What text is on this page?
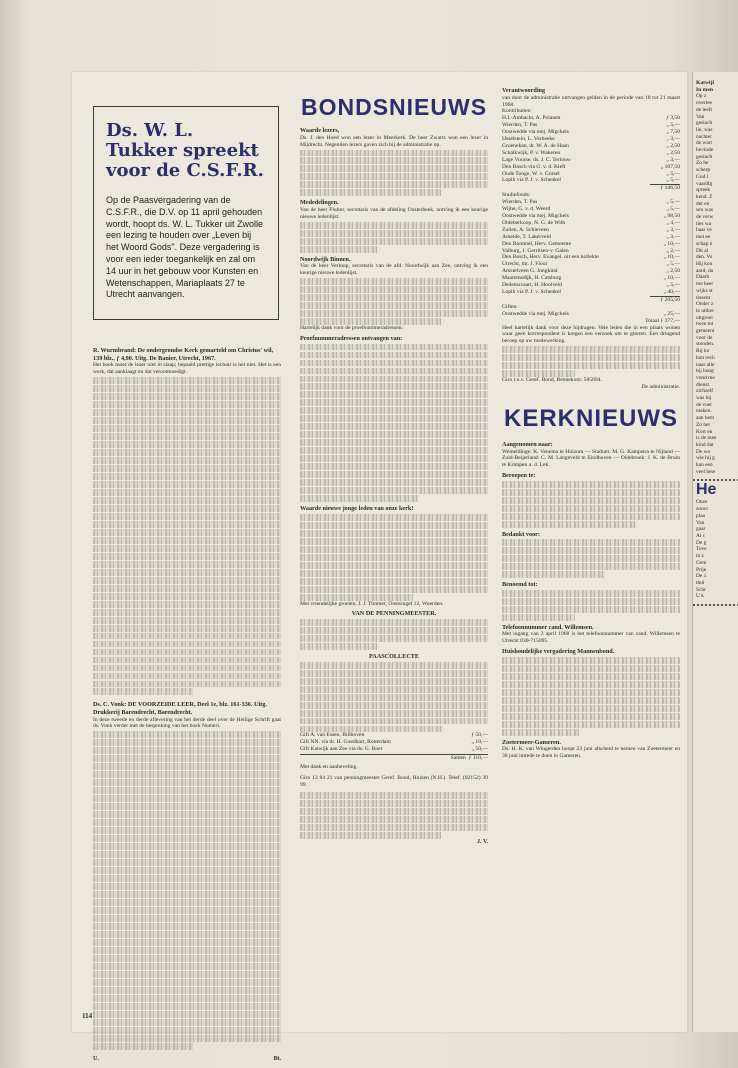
Ds. W. L. Tukker spreekt voor de C.S.F.R.
Op de Paasvergadering van de C.S.F.R., die D.V. op 11 april gehouden wordt, hoopt ds. W. L. Tukker uit Zwolle een lezing te houden over „Leven bij het Woord Gods". Deze vergadering is voor een ieder toegankelijk en zal om 14 uur in het gebouw voor Kunsten en Wetenschappen, Mariaplaats 27 te Utrecht aanvangen.

R. Wurmbrand: De ondergrondse Kerk gemarteld om Christus' wil, 139 blz., ƒ 4,90. Uitg. De Banier, Utrecht, 1967.

Het boek moet de lezer niet in slaap; bepaald prettige lectuur is het niet. Het is een werk, dat aanklaagt en dat verootmoedigt.

Ds. C. Vonk: DE VOORZEIDE LEER, Deel 1e, blz. 161-336. Uitg. Drukkerij Barendrecht, Barendrecht.

In deze tweede en derde aflevering van het derde deel over de Heilige Schrift gaat ds. Vonk verder met de bespreking van het boek Numeri.

U.	Bt.
114
BONDSNIEUWS

Waarde lezers,

Ds. J. den Hoed won een lezer in Meerkerk. De heer Zwarts won een lezer in Mijdrecht. Negentien lezers gaven zich bij de administratie op.

Mededelingen.

Van de heer Fluiter, secretaris van de afdeling Oosterbeek, ontving ik een keurige nieuwe ledenlijst.

Noordwijk Binnen.

Van de heer Verloop, secretaris van de afd. Noordwijk aan Zee, ontving ik een keurige nieuwe ledenlijst.

Hartelijk dank voor de proefnummeradressen.

Proefnummeradressen ontvangen van:

Waarde nieuwe jonge leden van onze kerk!

Met vriendelijke groeten, J. J. Timmer, Oostsingel 12, Woerden.

VAN DE PENNINGMEESTER.

PAASCOLLECTE

Gift A. van Essen, Billhoven	ƒ 50,—
Gift NN. via dr. H. Goedhart, Rotterdam	„ 10,—
Gift Katwijk aan Zee via ds. G. Boer	„ 50,—
Samen ƒ 110,—

Met dank en aanbeveling.

Giro 13 84 21 van penningmeester Geref. Bond, Huizen (N.H.). Telef. (02152) 39 99.

J. V.

Verantwoording

van door de administratie ontvangen gelden in de periode van 18 tot 21 maart 1968.

Kontributies:

H.I.-Ambacht, A. Polanen	ƒ 3,50
Wierden, T. Pas	„ 5,—
Oostwedde via mej. Migchels	„ 7,50
IJsselstein, L. Verbeeke	„ 3,—
Groenekan, dr. W. A. de Haan	„ 2,50
Schalkwijk, P. v. Wakeren	„ 2,50
Lage Vuurse, ds. J. C. Terlouw	„ 3,—
Den Bosch via G. v. d. Kieft	„ 107,50
Oude Tonge, W. v. Gorsel	„ 5,—
Lopik via P. J. v. Schenkel	„ 5,—
ƒ 146,50

Studiefonds:

Wierden, T. Pas	„ 5,—
Wijhe, G. v. d. Weerd	„ 5,—
Oostwedde via mej. Migchels	„ 98,50
Oldeberkoop, N. G. de With	„ 4,—
Zuilen, A. Schieveen	„ 3,—
Ameide, T. Lakerveld	„ 3,—
Den Bommel, Herv. Gemeente	„ 10,—
Valburg, J. Gerritsen-v. Galen	„ 2,—
Den Bosch, Herv. Evangel. uit een kollekte	„ 10,—
Utrecht, mr. J. Floor	„ 5,—
Amstelveen G. Jongkind	„ 2,50
Maartensdijk, H. Catsburg	„ 10,—
Dedemsvaart, H. Hoolveld	„ 5,—
Lopik via P. J. v. Schenkel	„ 40,—
ƒ 205,50

Giften:

Oostwedde via mej. Migchels	„ 25,—
Totaal ƒ 377,—

Heel hartelijk dank voor deze bijdragen. Vele leden die in een plaats wonen waar geen korrespondent is kregen een verzoek om te gireren. Een dringend beroep op uw medewerking.

Giro t.n.v. Geref. Bond, Bennekom: 505894.

De administratie.

KERKNIEUWS

Aangenomen naar:

Wemeldinge: K. Venema te Huizum — Stadum: M. G. Kampstra te Nijland — Zuid-Beijerland: C. M. Langeveld te Eindhoven — Oldebroek: J. K. de Bruin te Krimpen a. d. Lek.

Beroepen te:

Bedankt voor:

Benoemd tot:

Telefoonnummer cand. Willemsen.

Met ingang van 2 april 1968 is het telefoonnummer van cand. Willemsen te Utrecht 030-715095.

Huishoudelijke vergadering Mannenbond.

Zoetermeer-Gameren.

Ds. H. K. van Wingerden hoopt 23 juni afscheid te nemen van Zoetermeer en 30 juni intrede te doen in Gameren.

Katwijl
In men
Op z
overlee
de leeft
Van
gesiach
lie, was
nachter
de warr
bevinde
gesiach
Zo he
scherp
God l
vaardig
spreek
kend. Z
der en
sen was
de verw
ties wa
haar ve
met ee
schap n
Dit al
den. Vo
Hij kon
aard, da
Daarb
me heer
wijks st
rissent
Onder z
le uitbre
uitgroei
twee tot
gemeent
voor de
stonden.
Bij ko
hun rech
naar alle
bij hoog
vond me
dienst.
zichzelf
was hij
de voet
maken.
aan hem
Zo het
Kort en
is de mee
kind dat
De wo
wie hij g
kan een
veel bete
He
Onze
zoncc
plaa
Van
gaar
Al c
De g
Tove
in z
Gem
Prije
De 1
thui
Schr
U k
